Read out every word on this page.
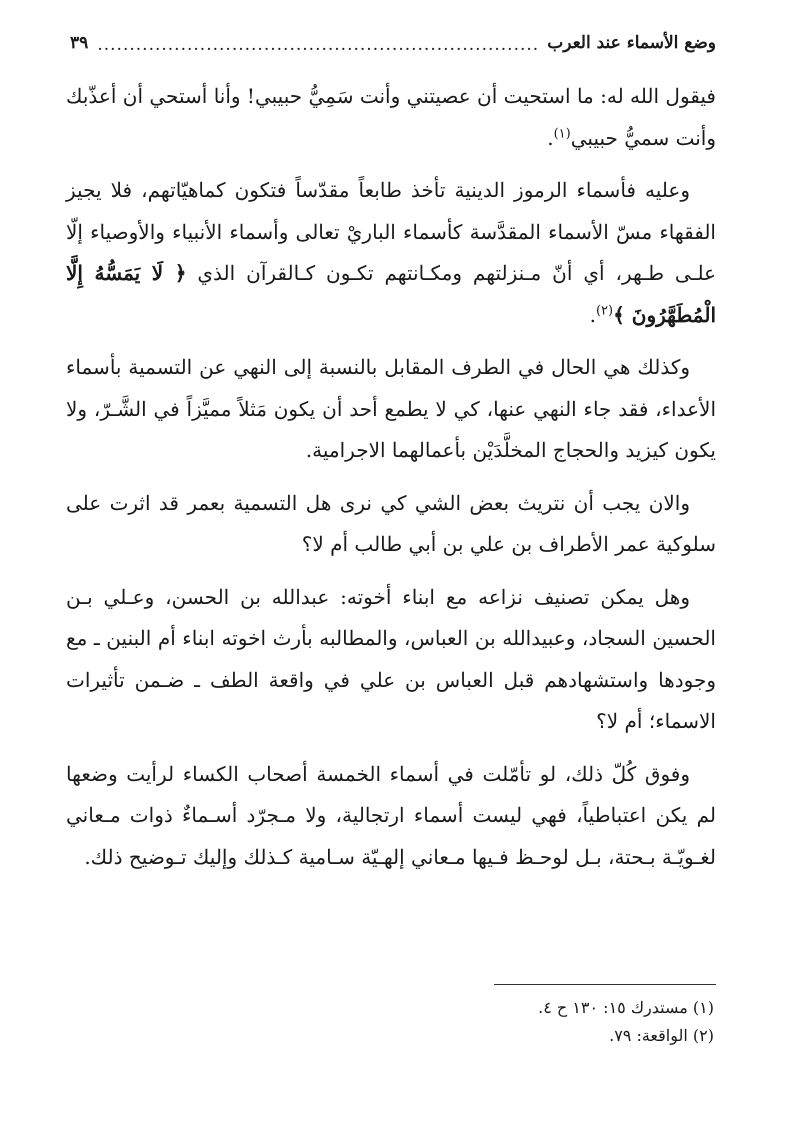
وضع الأسماء عند العرب
.....
٣٩

فيقول الله له: ما استحيت أن عصيتني وأنت سَمِيُّ حبيبي! وأنا أستحي أن أعذّبك وأنت سميُّ حبيبي$^{(١)}$.

وعليه فأسماء الرموز الدينية تأخذ طابعاً مقدّساً فتكون كماهيّاتهم، فلا يجيز الفقهاء مسّ الأسماء المقدَّسة كأسماء الباريْ تعالى وأسماء الأنبياء والأوصياء إلّا علـى طـهر، أي أنّ مـنزلتهم ومكـانتهم تكـون كـالقرآن الذي ﴿ لَا يَمَسُّهُ إِلَّا الْمُطَهَّرُونَ ﴾$^{(٢)}$.

وكذلك هي الحال في الطرف المقابل بالنسبة إلى النهي عن التسمية بأسماء الأعداء، فقد جاء النهي عنها، كي لا يطمع أحد أن يكون مَثلاً مميَّزاً في الشَّـرّ، ولا يكون كيزيد والحجاج المخلَّدَيْن بأعمالهما الاجرامية.

والان يجب أن نتريث بعض الشي كي نرى هل التسمية بعمر قد اثرت على سلوكية عمر الأطراف بن علي بن أبي طالب أم لا؟

وهل يمكن تصنيف نزاعه مع ابناء أخوته: عبدالله بن الحسن، وعـلي بـن الحسين السجاد، وعبيدالله بن العباس، والمطالبه بأرث اخوته ابناء أم البنين ـ مع وجودها واستشهادهم قبل العباس بن علي في واقعة الطف ـ ضـمن تأثيرات الاسماء؛ أم لا؟

وفوق كُلّ ذلك، لو تأمّلت في أسماء الخمسة أصحاب الكساء لرأيت وضعها لم يكن اعتباطياً، فهي ليست أسماء ارتجالية، ولا مـجرّد أسـماءٌ ذوات مـعاني لغـويّـة بـحتة، بـل لوحـظ فـيها مـعاني إلهـيّة سـامية كـذلك وإليك تـوضيح ذلك.

(١) مستدرك ١٥: ١٣٠ ح ٤.
(٢) الواقعة: ٧٩.
